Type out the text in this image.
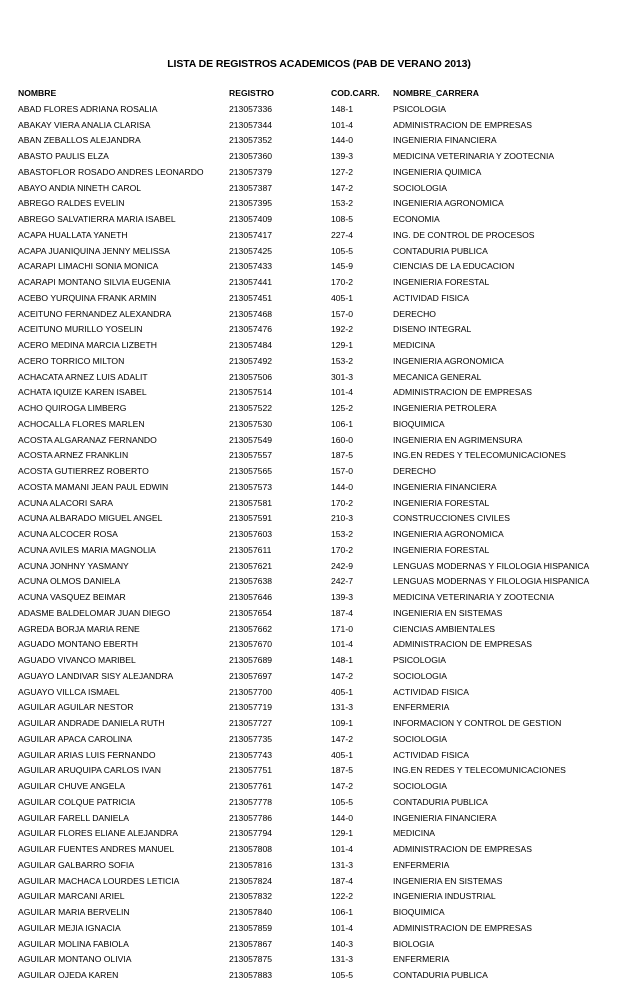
LISTA DE REGISTROS ACADEMICOS (PAB DE VERANO 2013)
NOMBRE	REGISTRO	COD.CARR.	NOMBRE_CARRERA
ABAD FLORES ADRIANA ROSALIA	213057336	148-1	PSICOLOGIA
ABAKAY VIERA ANALIA CLARISA	213057344	101-4	ADMINISTRACION DE EMPRESAS
ABAN ZEBALLOS ALEJANDRA	213057352	144-0	INGENIERIA FINANCIERA
ABASTO PAULIS ELZA	213057360	139-3	MEDICINA VETERINARIA Y ZOOTECNIA
ABASTOFLOR ROSADO ANDRES LEONARDO	213057379	127-2	INGENIERIA QUIMICA
ABAYO ANDIA NINETH CAROL	213057387	147-2	SOCIOLOGIA
ABREGO RALDES EVELIN	213057395	153-2	INGENIERIA AGRONOMICA
ABREGO SALVATIERRA MARIA ISABEL	213057409	108-5	ECONOMIA
ACAPA HUALLATA YANETH	213057417	227-4	ING. DE CONTROL DE PROCESOS
ACAPA JUANIQUINA JENNY MELISSA	213057425	105-5	CONTADURIA PUBLICA
ACARAPI LIMACHI SONIA MONICA	213057433	145-9	CIENCIAS DE LA EDUCACION
ACARAPI MONTANO SILVIA EUGENIA	213057441	170-2	INGENIERIA FORESTAL
ACEBO YURQUINA FRANK ARMIN	213057451	405-1	ACTIVIDAD FISICA
ACEITUNO FERNANDEZ ALEXANDRA	213057468	157-0	DERECHO
ACEITUNO MURILLO YOSELIN	213057476	192-2	DISENO INTEGRAL
ACERO MEDINA MARCIA LIZBETH	213057484	129-1	MEDICINA
ACERO TORRICO MILTON	213057492	153-2	INGENIERIA AGRONOMICA
ACHACATA ARNEZ LUIS ADALIT	213057506	301-3	MECANICA GENERAL
ACHATA IQUIZE KAREN ISABEL	213057514	101-4	ADMINISTRACION DE EMPRESAS
ACHO QUIROGA LIMBERG	213057522	125-2	INGENIERIA PETROLERA
ACHOCALLA FLORES MARLEN	213057530	106-1	BIOQUIMICA
ACOSTA ALGARANAZ FERNANDO	213057549	160-0	INGENIERIA EN AGRIMENSURA
ACOSTA ARNEZ FRANKLIN	213057557	187-5	ING.EN REDES Y TELECOMUNICACIONES
ACOSTA GUTIERREZ ROBERTO	213057565	157-0	DERECHO
ACOSTA MAMANI JEAN PAUL EDWIN	213057573	144-0	INGENIERIA FINANCIERA
ACUNA ALACORI SARA	213057581	170-2	INGENIERIA FORESTAL
ACUNA ALBARADO MIGUEL ANGEL	213057591	210-3	CONSTRUCCIONES CIVILES
ACUNA ALCOCER ROSA	213057603	153-2	INGENIERIA AGRONOMICA
ACUNA AVILES MARIA MAGNOLIA	213057611	170-2	INGENIERIA FORESTAL
ACUNA JONHNY YASMANY	213057621	242-9	LENGUAS MODERNAS Y FILOLOGIA HISPANICA
ACUNA OLMOS DANIELA	213057638	242-7	LENGUAS MODERNAS Y FILOLOGIA HISPANICA
ACUNA VASQUEZ BEIMAR	213057646	139-3	MEDICINA VETERINARIA Y ZOOTECNIA
ADASME BALDELOMAR JUAN DIEGO	213057654	187-4	INGENIERIA EN SISTEMAS
AGREDA BORJA MARIA RENE	213057662	171-0	CIENCIAS AMBIENTALES
AGUADO MONTANO EBERTH	213057670	101-4	ADMINISTRACION DE EMPRESAS
AGUADO VIVANCO MARIBEL	213057689	148-1	PSICOLOGIA
AGUAYO LANDIVAR SISY ALEJANDRA	213057697	147-2	SOCIOLOGIA
AGUAYO VILLCA ISMAEL	213057700	405-1	ACTIVIDAD FISICA
AGUILAR AGUILAR NESTOR	213057719	131-3	ENFERMERIA
AGUILAR ANDRADE DANIELA RUTH	213057727	109-1	INFORMACION Y CONTROL DE GESTION
AGUILAR APACA CAROLINA	213057735	147-2	SOCIOLOGIA
AGUILAR ARIAS LUIS FERNANDO	213057743	405-1	ACTIVIDAD FISICA
AGUILAR ARUQUIPA CARLOS IVAN	213057751	187-5	ING.EN REDES Y TELECOMUNICACIONES
AGUILAR CHUVE ANGELA	213057761	147-2	SOCIOLOGIA
AGUILAR COLQUE PATRICIA	213057778	105-5	CONTADURIA PUBLICA
AGUILAR FARELL DANIELA	213057786	144-0	INGENIERIA FINANCIERA
AGUILAR FLORES ELIANE ALEJANDRA	213057794	129-1	MEDICINA
AGUILAR FUENTES ANDRES MANUEL	213057808	101-4	ADMINISTRACION DE EMPRESAS
AGUILAR GALBARRO SOFIA	213057816	131-3	ENFERMERIA
AGUILAR MACHACA LOURDES LETICIA	213057824	187-4	INGENIERIA EN SISTEMAS
AGUILAR MARCANI ARIEL	213057832	122-2	INGENIERIA INDUSTRIAL
AGUILAR MARIA BERVELIN	213057840	106-1	BIOQUIMICA
AGUILAR MEJIA IGNACIA	213057859	101-4	ADMINISTRACION DE EMPRESAS
AGUILAR MOLINA FABIOLA	213057867	140-3	BIOLOGIA
AGUILAR MONTANO OLIVIA	213057875	131-3	ENFERMERIA
AGUILAR OJEDA KAREN	213057883	105-5	CONTADURIA PUBLICA
